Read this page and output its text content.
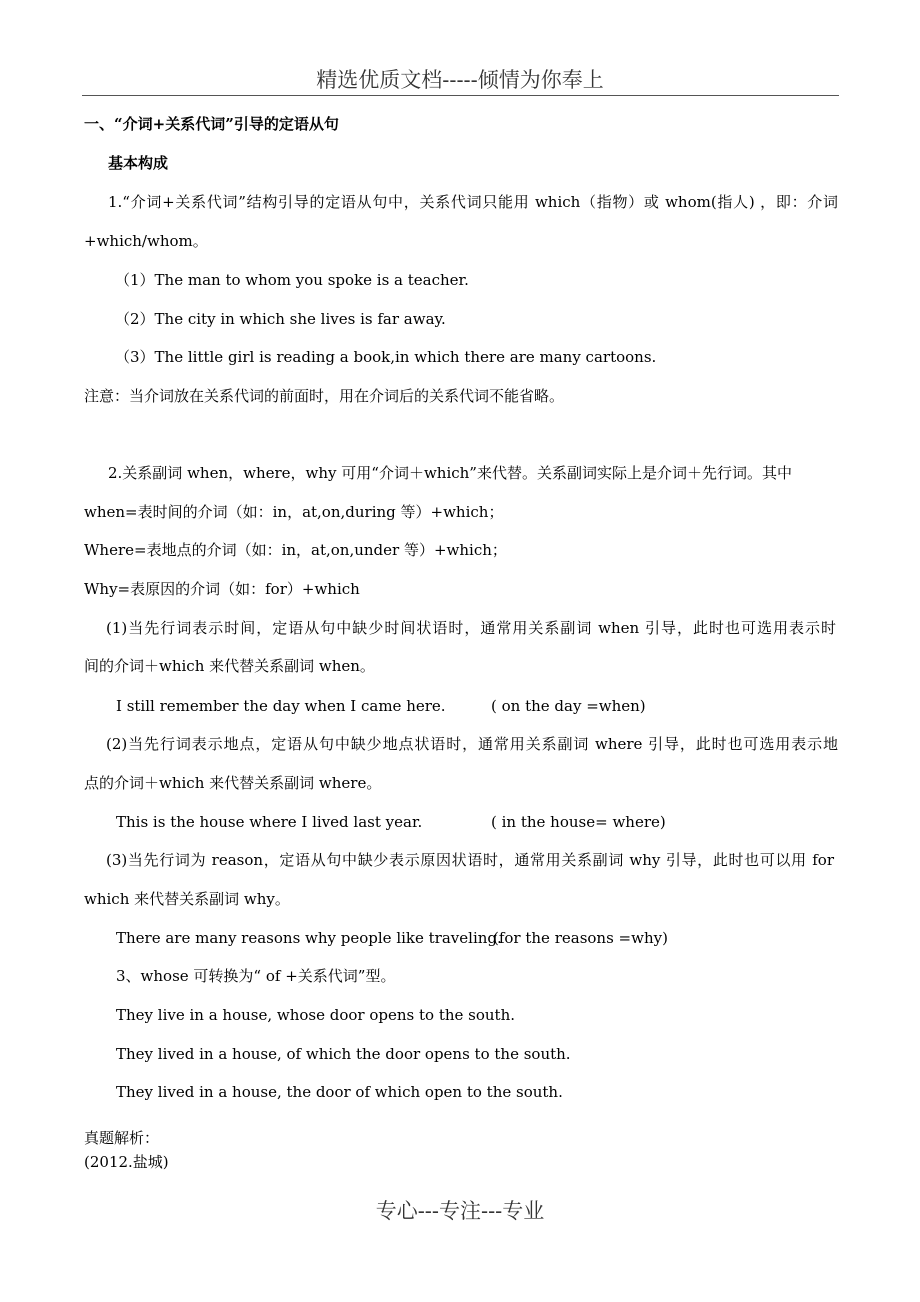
精选优质文档-----倾情为你奉上
一、“介词+关系代词”引导的定语从句
基本构成
1.“介词+关系代词”结构引导的定语从句中，关系代词只能用 which（指物）或 whom(指人) ，即：介词
+which/whom。
（1）The man to whom you spoke is a teacher.
（2）The city in which she lives is far away.
（3）The little girl is reading a book,in which there are many cartoons.
注意：当介词放在关系代词的前面时，用在介词后的关系代词不能省略。
2.关系副词 when，where，why 可用“介词＋which”来代替。关系副词实际上是介词＋先行词。其中
when=表时间的介词（如：in，at,on,during 等）+which；
Where=表地点的介词（如：in，at,on,under 等）+which；
Why=表原因的介词（如：for）+which
(1)当先行词表示时间，定语从句中缺少时间状语时，通常用关系副词 when 引导，此时也可选用表示时
间的介词＋which 来代替关系副词 when。
I still remember the day when I came here.	( on the day =when)
(2)当先行词表示地点，定语从句中缺少地点状语时，通常用关系副词 where 引导，此时也可选用表示地
点的介词＋which 来代替关系副词 where。
This is the house where I lived last year.	( in the house= where)
(3)当先行词为 reason，定语从句中缺少表示原因状语时，通常用关系副词 why 引导，此时也可以用 for
which 来代替关系副词 why。
There are many reasons why people like traveling.
(for the reasons =why)
3、whose 可转换为“ of +关系代词”型。
They live in a house, whose door opens to the south.
They lived in a house, of which the door opens to the south.
They lived in a house, the door of which open to the south.
真题解析：
(2012.盐城)
专心---专注---专业
